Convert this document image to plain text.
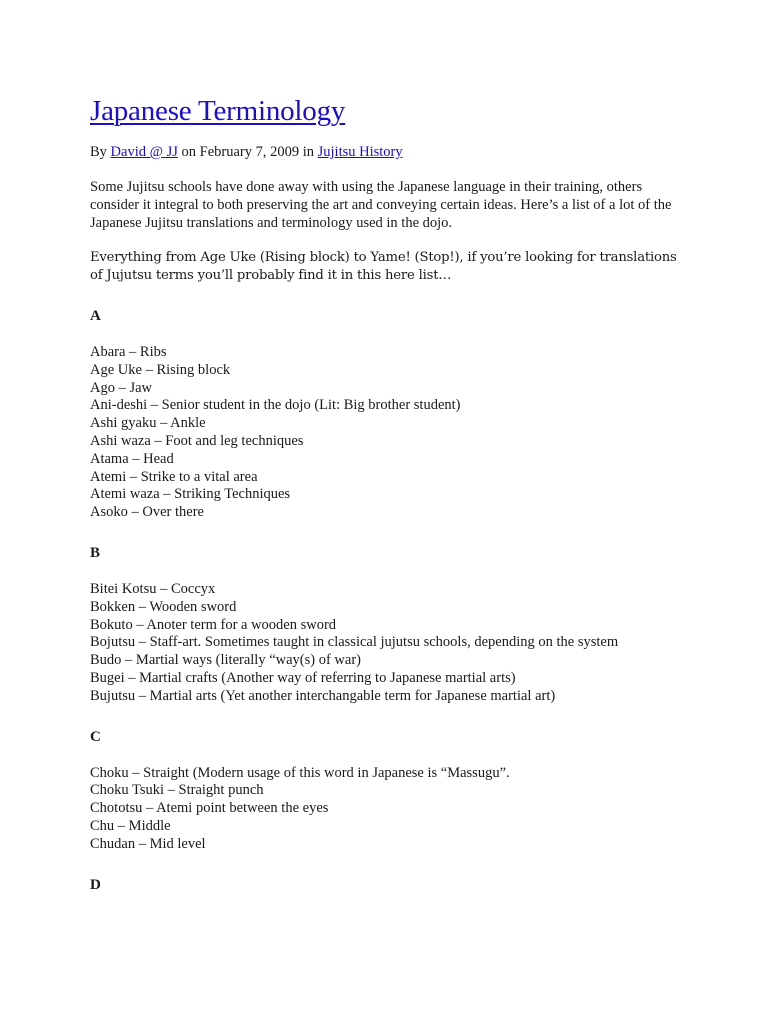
Japanese Terminology
By David @ JJ on February 7, 2009 in Jujitsu History

Some Jujitsu schools have done away with using the Japanese language in their training, others consider it integral to both preserving the art and conveying certain ideas. Here’s a list of a lot of the Japanese Jujitsu translations and terminology used in the dojo.

Everything from Age Uke (Rising block) to Yame! (Stop!), if you’re looking for translations of Jujutsu terms you’ll probably find it in this here list…

A
Abara – Ribs
Age Uke – Rising block
Ago – Jaw
Ani-deshi – Senior student in the dojo (Lit: Big brother student)
Ashi gyaku – Ankle
Ashi waza – Foot and leg techniques
Atama – Head
Atemi – Strike to a vital area
Atemi waza – Striking Techniques
Asoko – Over there
B
Bitei Kotsu – Coccyx
Bokken – Wooden sword
Bokuto – Anoter term for a wooden sword
Bojutsu – Staff-art. Sometimes taught in classical jujutsu schools, depending on the system
Budo – Martial ways (literally “way(s) of war)
Bugei – Martial crafts (Another way of referring to Japanese martial arts)
Bujutsu – Martial arts (Yet another interchangable term for Japanese martial art)
C
Choku – Straight (Modern usage of this word in Japanese is “Massugu”.
Choku Tsuki – Straight punch
Chototsu – Atemi point between the eyes
Chu – Middle
Chudan – Mid level
D
